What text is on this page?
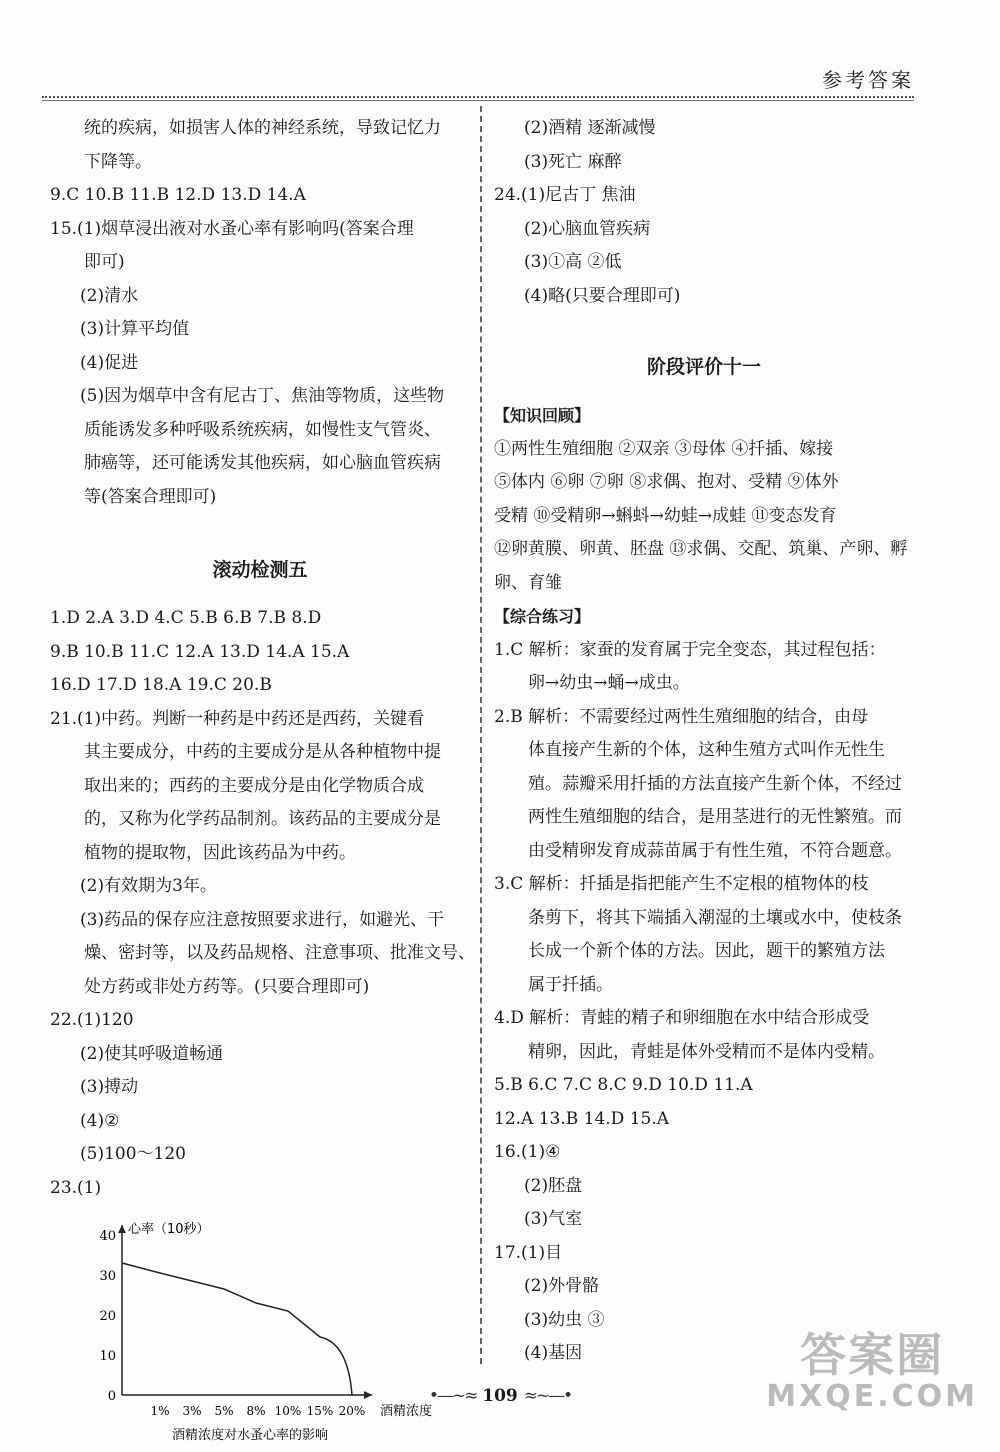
参考答案
统的疾病，如损害人体的神经系统，导致记忆力
下降等。
9.C 10.B 11.B 12.D 13.D 14.A
15.(1)烟草浸出液对水蚤心率有影响吗(答案合理
即可)
(2)清水
(3)计算平均值
(4)促进
(5)因为烟草中含有尼古丁、焦油等物质，这些物
质能诱发多种呼吸系统疾病，如慢性支气管炎、
肺癌等，还可能诱发其他疾病，如心脑血管疾病
等(答案合理即可)
滚动检测五
1.D 2.A 3.D 4.C 5.B 6.B 7.B 8.D
9.B 10.B 11.C 12.A 13.D 14.A 15.A
16.D 17.D 18.A 19.C 20.B
21.(1)中药。判断一种药是中药还是西药，关键看
其主要成分，中药的主要成分是从各种植物中提
取出来的；西药的主要成分是由化学物质合成
的，又称为化学药品制剂。该药品的主要成分是
植物的提取物，因此该药品为中药。
(2)有效期为3年。
(3)药品的保存应注意按照要求进行，如避光、干
燥、密封等，以及药品规格、注意事项、批准文号、
处方药或非处方药等。(只要合理即可)
22.(1)120
(2)使其呼吸道畅通
(3)搏动
(4)②
(5)100～120
23.(1)
0
10
20
30
40 心率（10秒）
1% 3% 5% 8% 10% 15% 20% 酒精浓度
酒精浓度对水蚤心率的影响
(2)酒精 逐渐减慢
(3)死亡 麻醉
24.(1)尼古丁 焦油
(2)心脑血管疾病
(3)①高 ②低
(4)略(只要合理即可)
阶段评价十一
【知识回顾】
①两性生殖细胞 ②双亲 ③母体 ④扦插、嫁接
⑤体内 ⑥卵 ⑦卵 ⑧求偶、抱对、受精 ⑨体外
受精 ⑩受精卵→蝌蚪→幼蛙→成蛙 ⑪变态发育
⑫卵黄膜、卵黄、胚盘 ⑬求偶、交配、筑巢、产卵、孵
卵、育雏
【综合练习】
1.C 解析：家蚕的发育属于完全变态，其过程包括：
卵→幼虫→蛹→成虫。
2.B 解析：不需要经过两性生殖细胞的结合，由母
体直接产生新的个体，这种生殖方式叫作无性生
殖。蒜瓣采用扦插的方法直接产生新个体，不经过
两性生殖细胞的结合，是用茎进行的无性繁殖。而
由受精卵发育成蒜苗属于有性生殖，不符合题意。
3.C 解析：扦插是指把能产生不定根的植物体的枝
条剪下，将其下端插入潮湿的土壤或水中，使枝条
长成一个新个体的方法。因此，题干的繁殖方法
属于扦插。
4.D 解析：青蛙的精子和卵细胞在水中结合形成受
精卵，因此，青蛙是体外受精而不是体内受精。
5.B 6.C 7.C 8.C 9.D 10.D 11.A
12.A 13.B 14.D 15.A
16.(1)④
(2)胚盘
(3)气室
17.(1)目
(2)外骨骼
(3)幼虫 ③
(4)基因
•—~≈ 109 ≈~—•
答案圈
MXQE.COM
